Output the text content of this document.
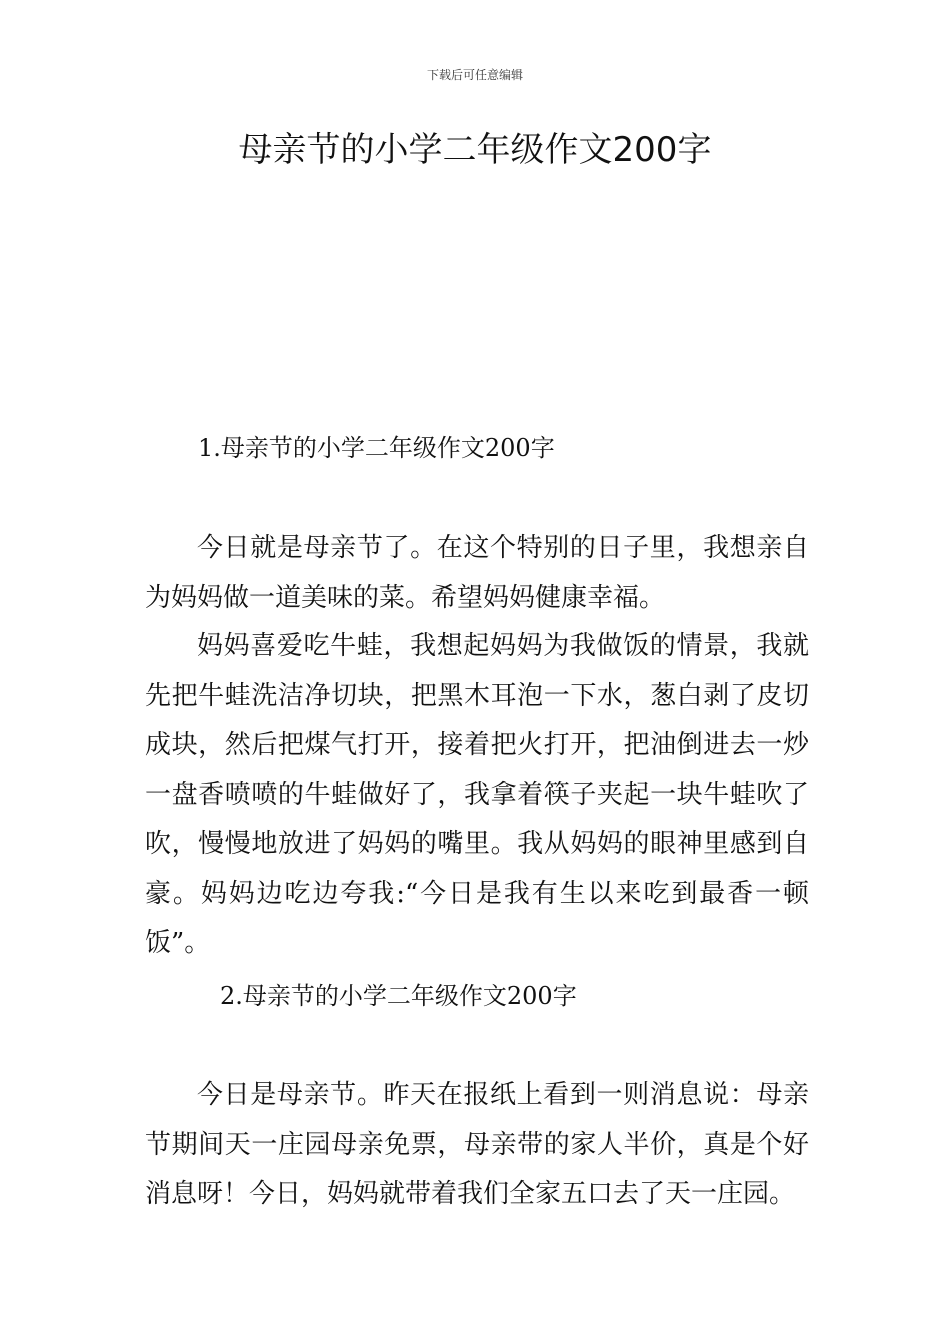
下载后可任意编辑
母亲节的小学二年级作文200字
1.母亲节的小学二年级作文200字

今日就是母亲节了。在这个特别的日子里，我想亲自为妈妈做一道美味的菜。希望妈妈健康幸福。

妈妈喜爱吃牛蛙，我想起妈妈为我做饭的情景，我就先把牛蛙洗洁净切块，把黑木耳泡一下水，葱白剥了皮切成块，然后把煤气打开，接着把火打开，把油倒进去一炒一盘香喷喷的牛蛙做好了，我拿着筷子夹起一块牛蛙吹了吹，慢慢地放进了妈妈的嘴里。我从妈妈的眼神里感到自豪。妈妈边吃边夸我:“今日是我有生以来吃到最香一顿饭”。

2.母亲节的小学二年级作文200字

今日是母亲节。昨天在报纸上看到一则消息说：母亲节期间天一庄园母亲免票，母亲带的家人半价，真是个好消息呀！今日，妈妈就带着我们全家五口去了天一庄园。
